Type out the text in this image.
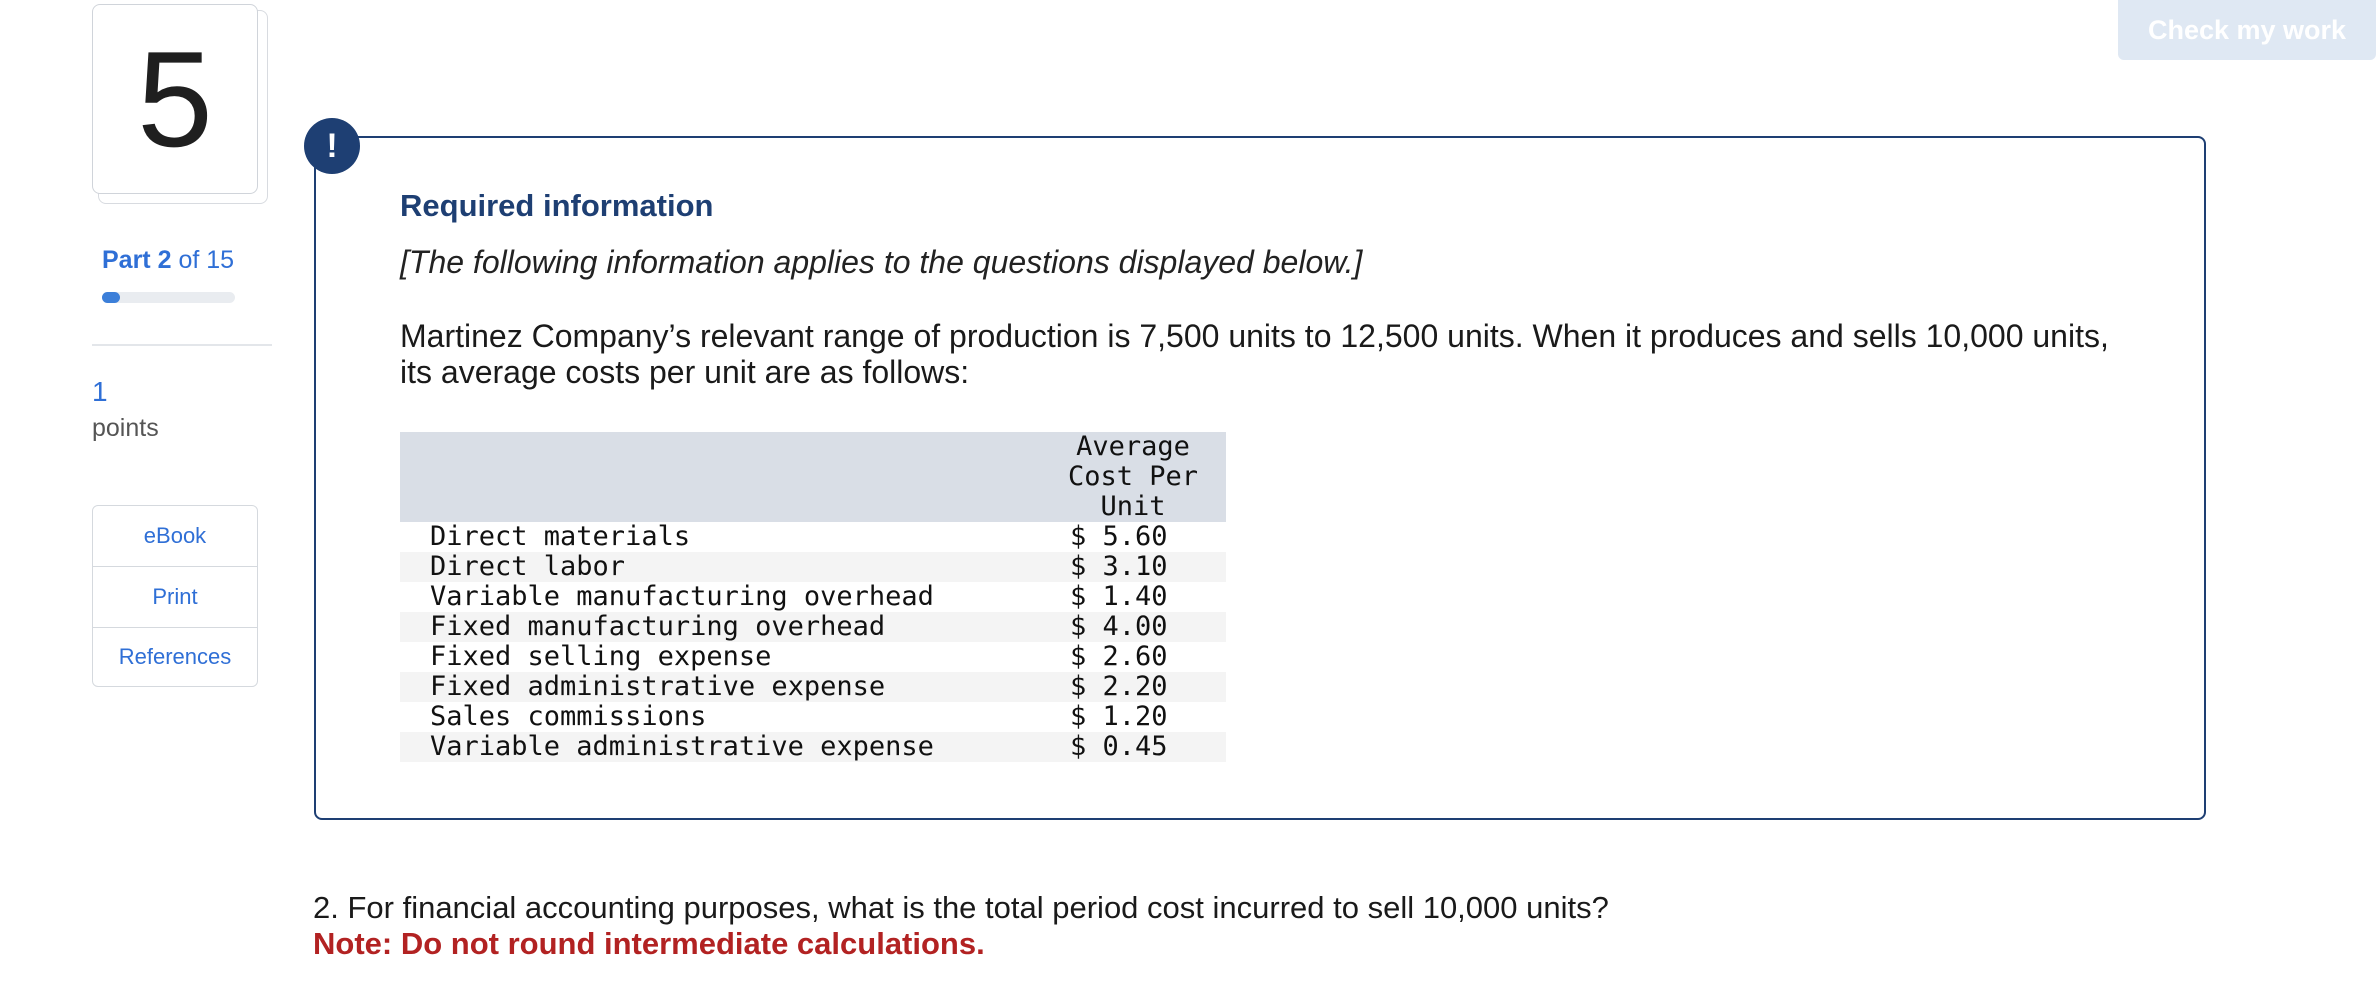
5
Part 2 of 15
1
points
eBook
Print
References
Check my work
!
Required information
[The following information applies to the questions displayed below.]
Martinez Company’s relevant range of production is 7,500 units to 12,500 units. When it produces and sells 10,000 units, its average costs per unit are as follows:
	Average
Cost Per
Unit
Direct materials	$ 5.60
Direct labor	$ 3.10
Variable manufacturing overhead	$ 1.40
Fixed manufacturing overhead	$ 4.00
Fixed selling expense	$ 2.60
Fixed administrative expense	$ 2.20
Sales commissions	$ 1.20
Variable administrative expense	$ 0.45
2. For financial accounting purposes, what is the total period cost incurred to sell 10,000 units?
Note: Do not round intermediate calculations.
